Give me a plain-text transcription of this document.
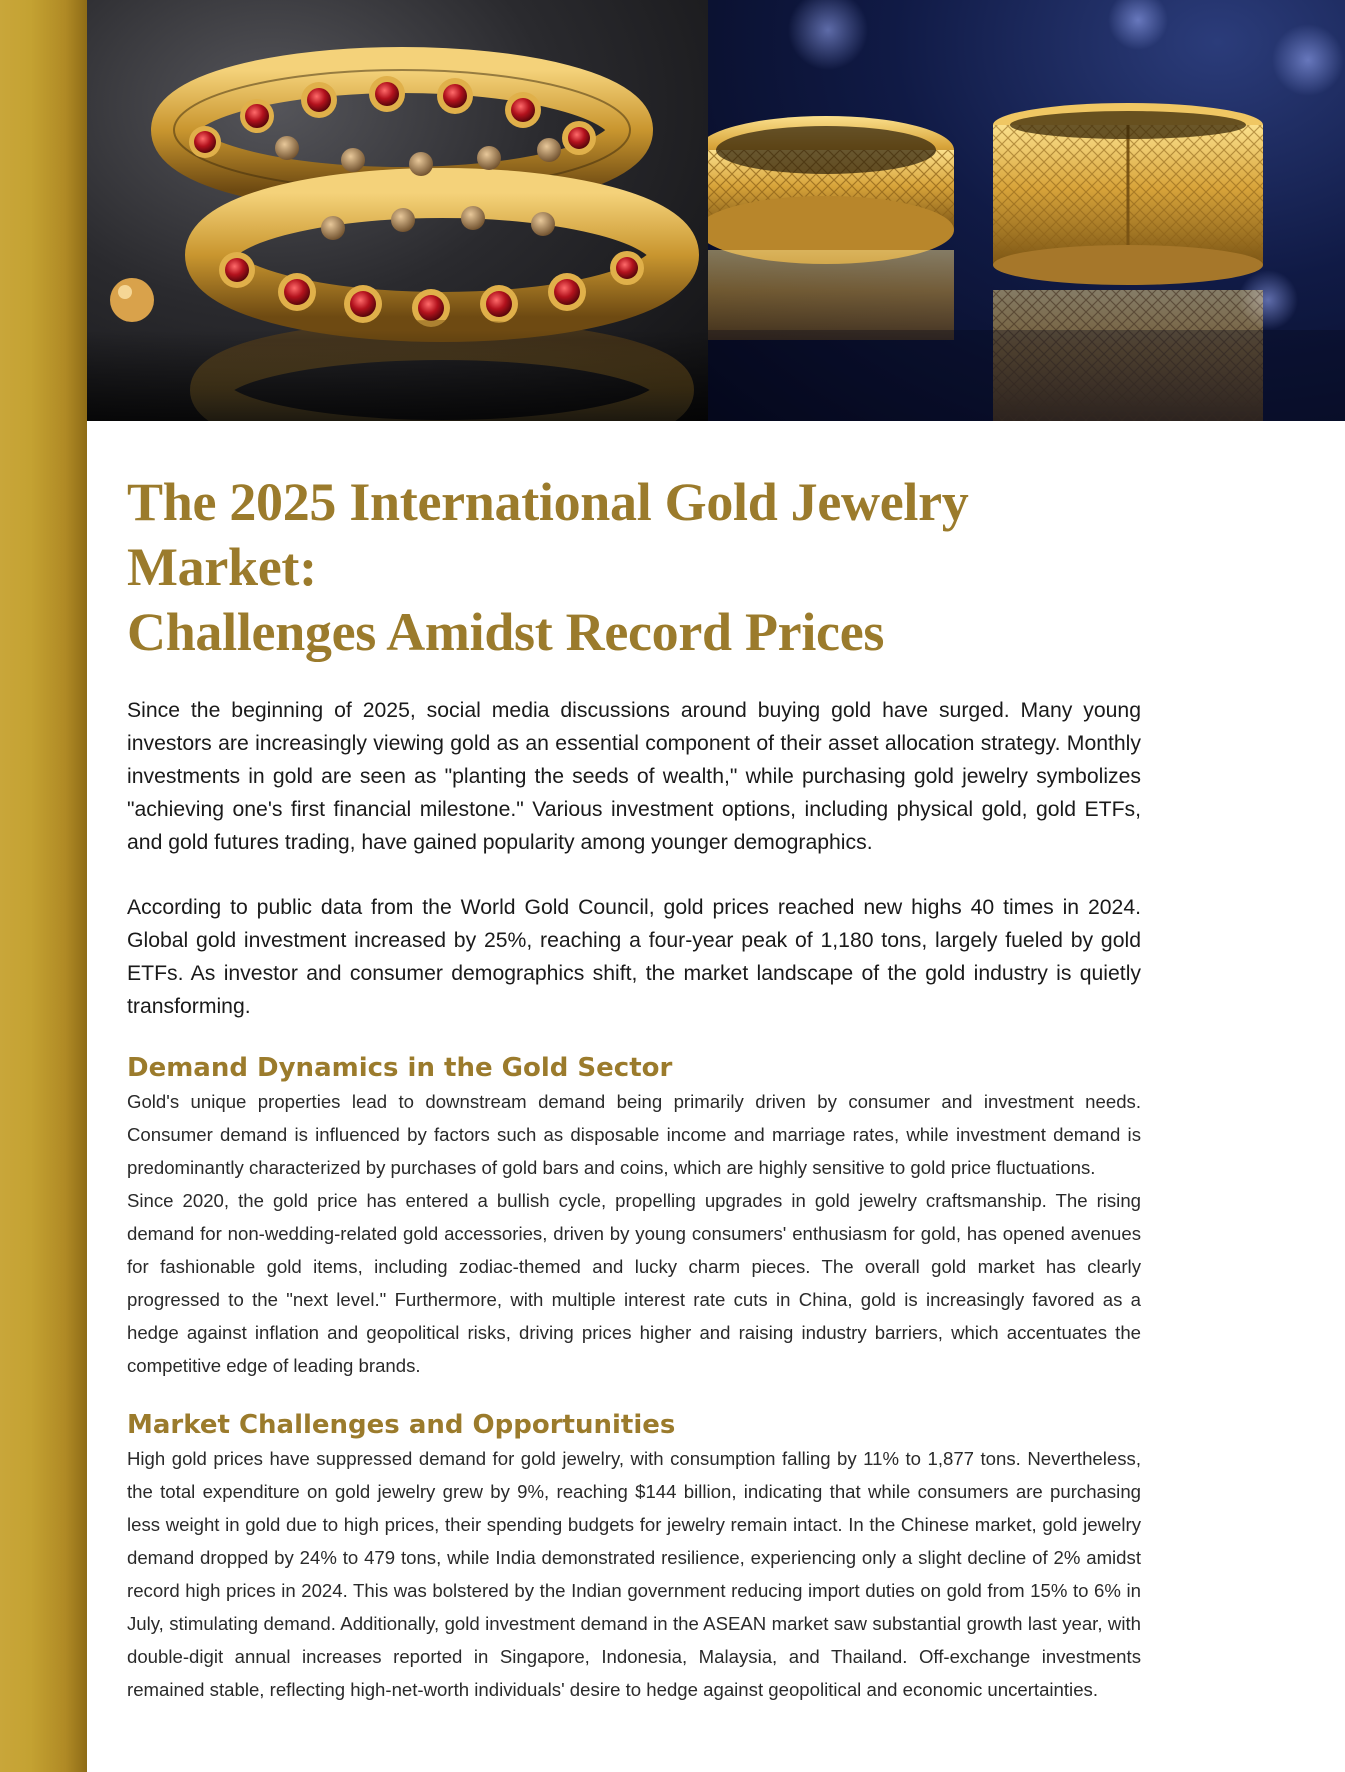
The 2025 International Gold Jewelry Market:
Challenges Amidst Record Prices

Since the beginning of 2025, social media discussions around buying gold have surged. Many young investors are increasingly viewing gold as an essential component of their asset allocation strategy. Monthly investments in gold are seen as "planting the seeds of wealth," while purchasing gold jewelry symbolizes "achieving one's first financial milestone." Various investment options, including physical gold, gold ETFs, and gold futures trading, have gained popularity among younger demographics.

According to public data from the World Gold Council, gold prices reached new highs 40 times in 2024. Global gold investment increased by 25%, reaching a four-year peak of 1,180 tons, largely fueled by gold ETFs. As investor and consumer demographics shift, the market landscape of the gold industry is quietly transforming.

Demand Dynamics in the Gold Sector

Gold's unique properties lead to downstream demand being primarily driven by consumer and investment needs. Consumer demand is influenced by factors such as disposable income and marriage rates, while investment demand is predominantly characterized by purchases of gold bars and coins, which are highly sensitive to gold price fluctuations.

Since 2020, the gold price has entered a bullish cycle, propelling upgrades in gold jewelry craftsmanship. The rising demand for non-wedding-related gold accessories, driven by young consumers' enthusiasm for gold, has opened avenues for fashionable gold items, including zodiac-themed and lucky charm pieces. The overall gold market has clearly progressed to the "next level." Furthermore, with multiple interest rate cuts in China, gold is increasingly favored as a hedge against inflation and geopolitical risks, driving prices higher and raising industry barriers, which accentuates the competitive edge of leading brands.

Market Challenges and Opportunities

High gold prices have suppressed demand for gold jewelry, with consumption falling by 11% to 1,877 tons. Nevertheless, the total expenditure on gold jewelry grew by 9%, reaching $144 billion, indicating that while consumers are purchasing less weight in gold due to high prices, their spending budgets for jewelry remain intact. In the Chinese market, gold jewelry demand dropped by 24% to 479 tons, while India demonstrated resilience, experiencing only a slight decline of 2% amidst record high prices in 2024. This was bolstered by the Indian government reducing import duties on gold from 15% to 6% in July, stimulating demand. Additionally, gold investment demand in the ASEAN market saw substantial growth last year, with double-digit annual increases reported in Singapore, Indonesia, Malaysia, and Thailand. Off-exchange investments remained stable, reflecting high-net-worth individuals' desire to hedge against geopolitical and economic uncertainties.
